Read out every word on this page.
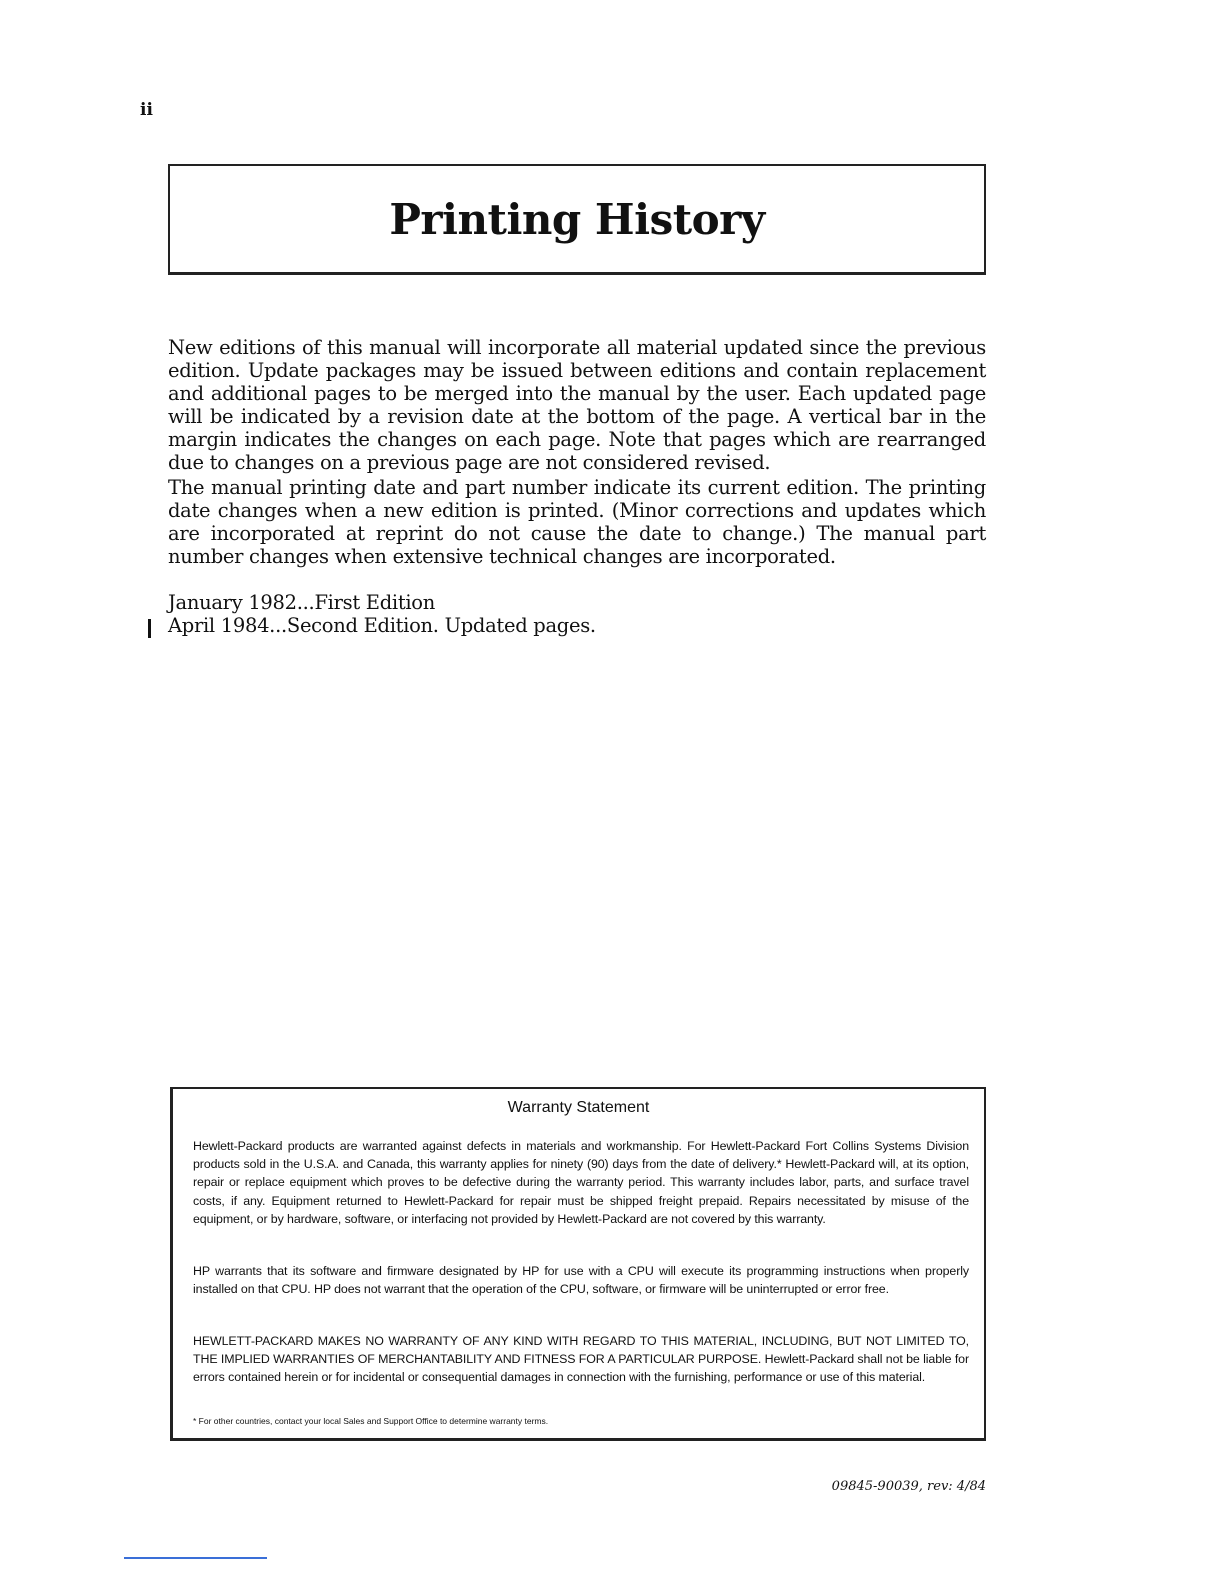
ii
Printing History

New editions of this manual will incorporate all material updated since the previous edition. Update packages may be issued between editions and contain replacement and additional pages to be merged into the manual by the user. Each updated page will be indicated by a revision date at the bottom of the page. A vertical bar in the margin indicates the changes on each page. Note that pages which are rearranged due to changes on a previous page are not considered revised.

The manual printing date and part number indicate its current edition. The printing date changes when a new edition is printed. (Minor corrections and updates which are incorporated at reprint do not cause the date to change.) The manual part number changes when extensive technical changes are incorporated.

January 1982...First Edition
April 1984...Second Edition. Updated pages.
Warranty Statement

Hewlett-Packard products are warranted against defects in materials and workmanship. For Hewlett-Packard Fort Collins Systems Division products sold in the U.S.A. and Canada, this warranty applies for ninety (90) days from the date of delivery.* Hewlett-Packard will, at its option, repair or replace equipment which proves to be defective during the warranty period. This warranty includes labor, parts, and surface travel costs, if any. Equipment returned to Hewlett-Packard for repair must be shipped freight prepaid. Repairs necessitated by misuse of the equipment, or by hardware, software, or interfacing not provided by Hewlett-Packard are not covered by this warranty.

HP warrants that its software and firmware designated by HP for use with a CPU will execute its programming instructions when properly installed on that CPU. HP does not warrant that the operation of the CPU, software, or firmware will be uninterrupted or error free.

HEWLETT-PACKARD MAKES NO WARRANTY OF ANY KIND WITH REGARD TO THIS MATERIAL, INCLUDING, BUT NOT LIMITED TO, THE IMPLIED WARRANTIES OF MERCHANTABILITY AND FITNESS FOR A PARTICULAR PURPOSE. Hewlett-Packard shall not be liable for errors contained herein or for incidental or consequential damages in connection with the furnishing, performance or use of this material.

* For other countries, contact your local Sales and Support Office to determine warranty terms.
09845-90039, rev: 4/84
